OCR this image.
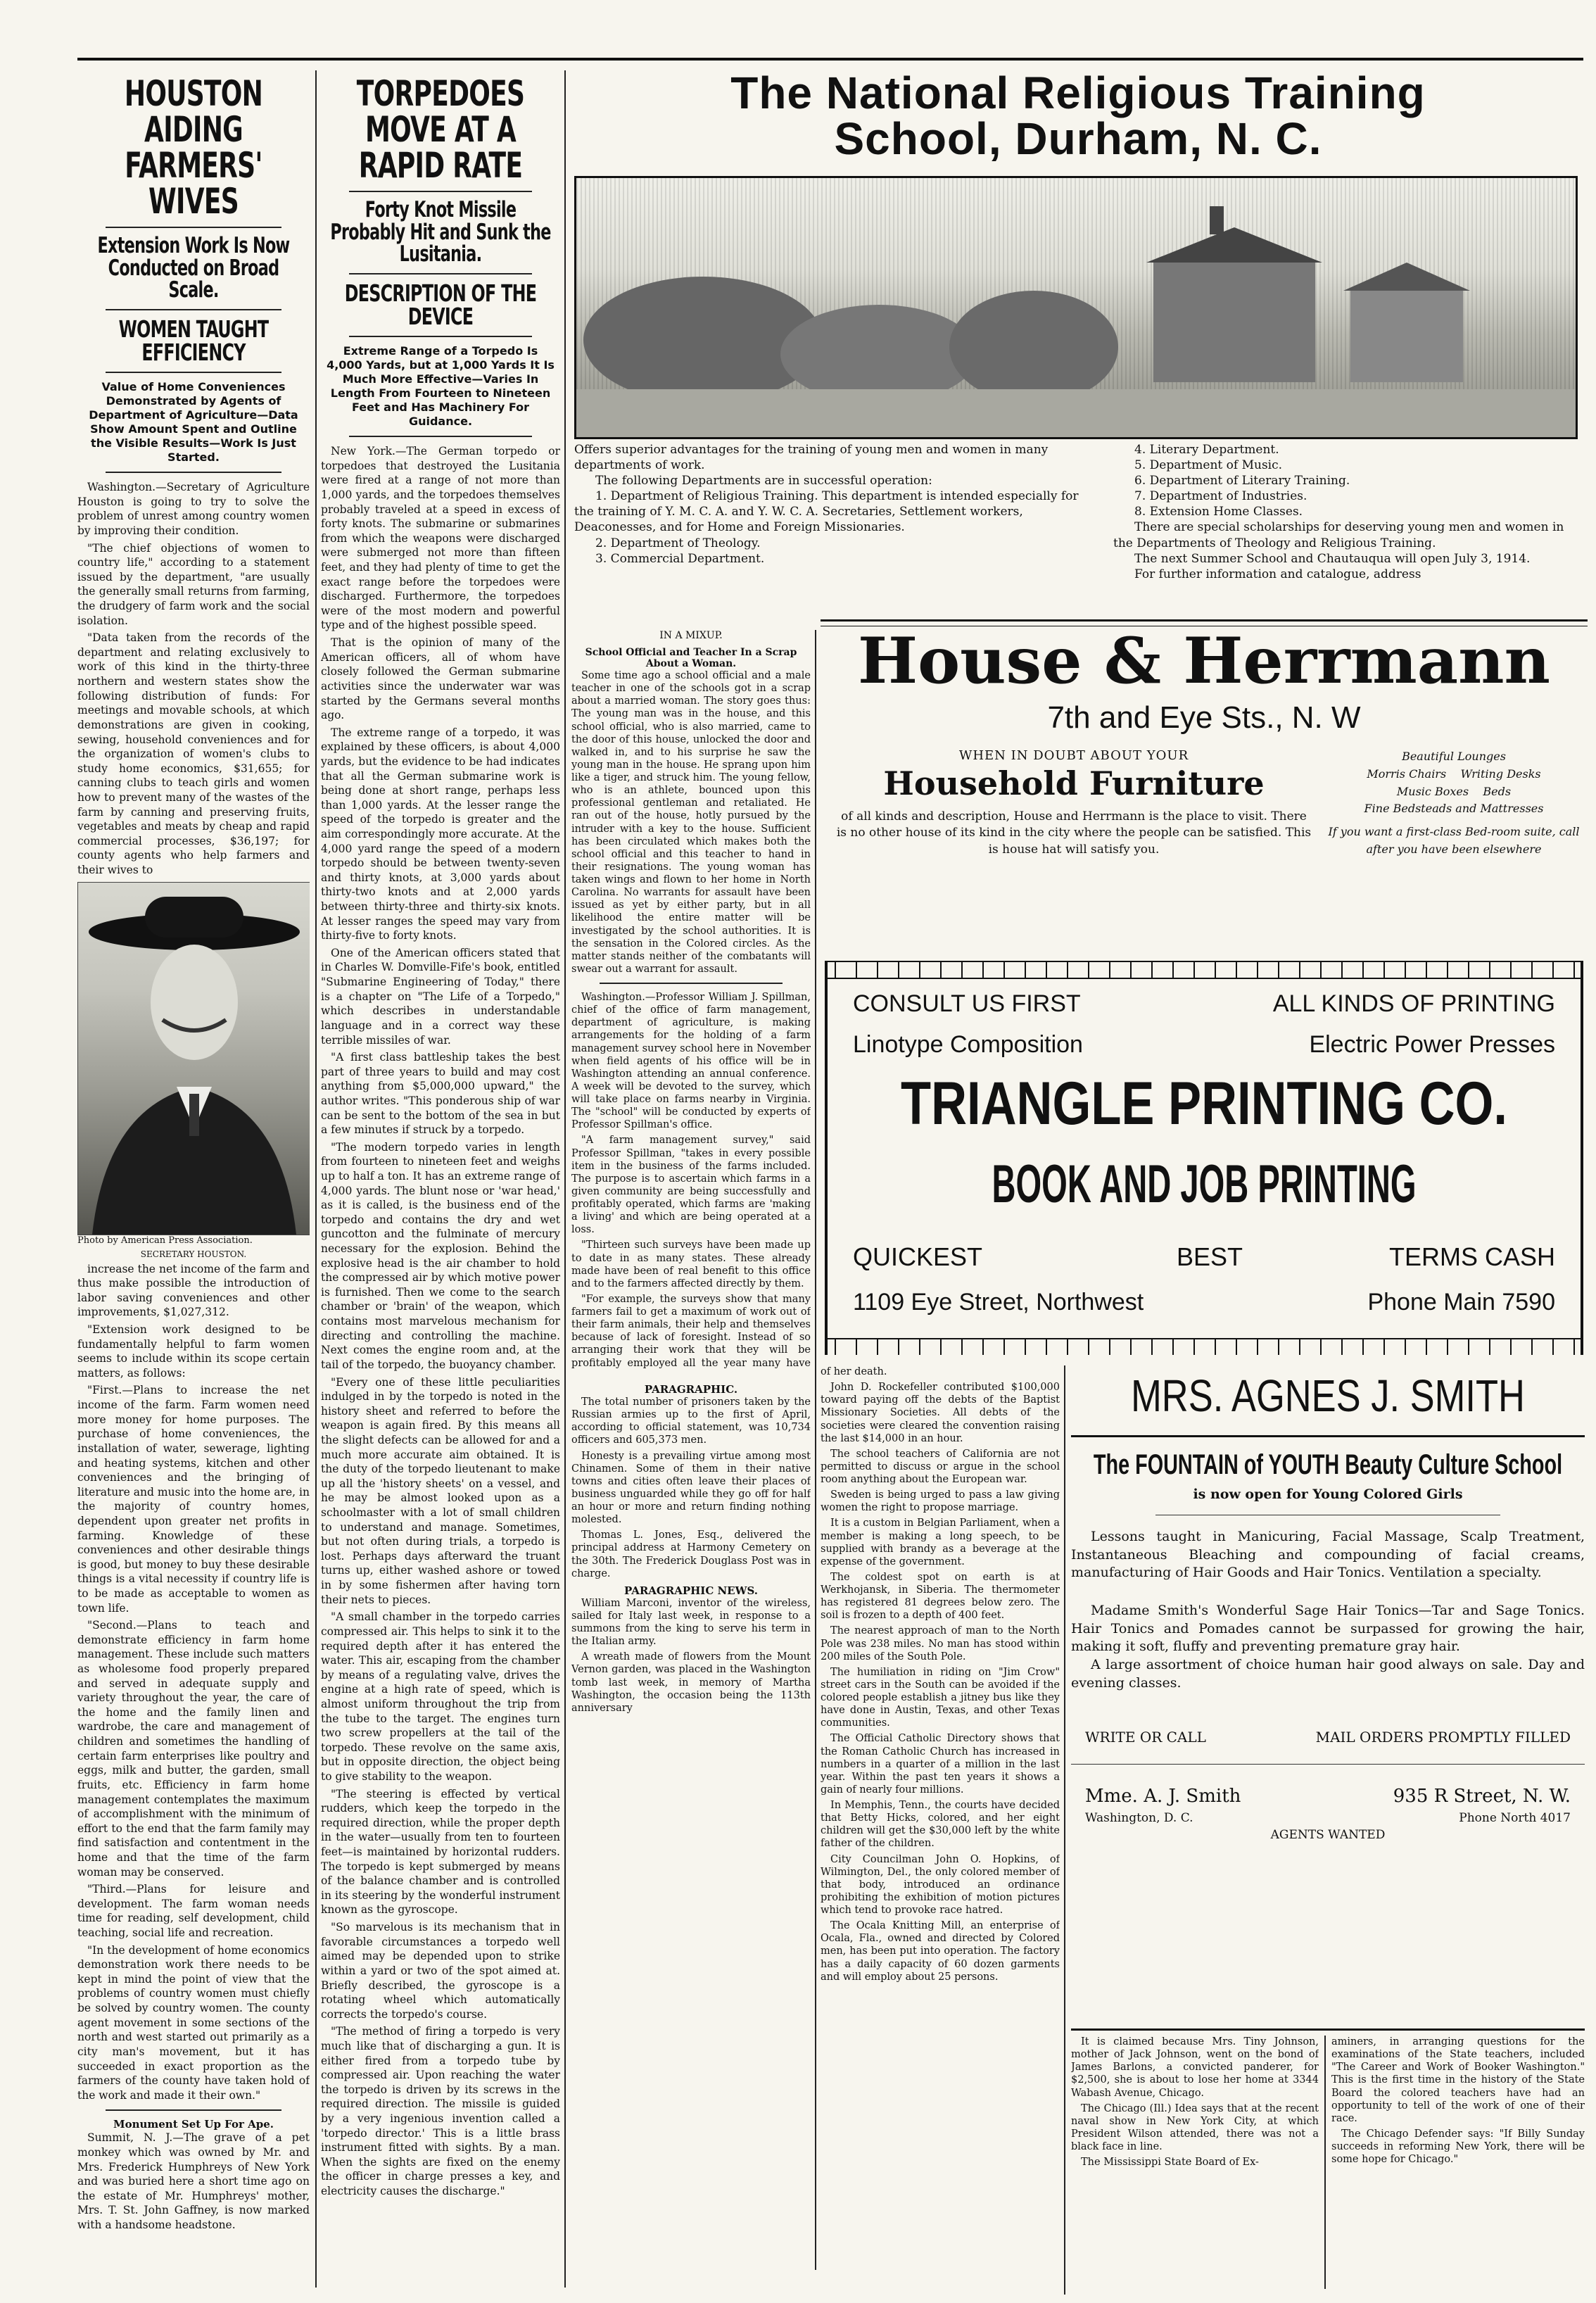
HOUSTON AIDING FARMERS' WIVES
Extension Work Is Now Conducted on Broad Scale.
WOMEN TAUGHT EFFICIENCY
Value of Home Conveniences Demonstrated by Agents of Department of Agriculture—Data Show Amount Spent and Outline the Visible Results—Work Is Just Started.

Washington.—Secretary of Agriculture Houston is going to try to solve the problem of unrest among country women by improving their condition.

"The chief objections of women to country life," according to a statement issued by the department, "are usually the generally small returns from farming, the drudgery of farm work and the social isolation.

"Data taken from the records of the department and relating exclusively to work of this kind in the thirty-three northern and western states show the following distribution of funds: For meetings and movable schools, at which demonstrations are given in cooking, sewing, household conveniences and for the organization of women's clubs to study home economics, $31,655; for canning clubs to teach girls and women how to prevent many of the wastes of the farm by canning and preserving fruits, vegetables and meats by cheap and rapid commercial processes, $36,197; for county agents who help farmers and their wives to

Photo by American Press Association.
SECRETARY HOUSTON.

increase the net income of the farm and thus make possible the introduction of labor saving conveniences and other improvements, $1,027,312.

"Extension work designed to be fundamentally helpful to farm women seems to include within its scope certain matters, as follows:

"First.—Plans to increase the net income of the farm. Farm women need more money for home purposes. The purchase of home conveniences, the installation of water, sewerage, lighting and heating systems, kitchen and other conveniences and the bringing of literature and music into the home are, in the majority of country homes, dependent upon greater net profits in farming. Knowledge of these conveniences and other desirable things is good, but money to buy these desirable things is a vital necessity if country life is to be made as acceptable to women as town life.

"Second.—Plans to teach and demonstrate efficiency in farm home management. These include such matters as wholesome food properly prepared and served in adequate supply and variety throughout the year, the care of the home and the family linen and wardrobe, the care and management of children and sometimes the handling of certain farm enterprises like poultry and eggs, milk and butter, the garden, small fruits, etc. Efficiency in farm home management contemplates the maximum of accomplishment with the minimum of effort to the end that the farm family may find satisfaction and contentment in the home and that the time of the farm woman may be conserved.

"Third.—Plans for leisure and development. The farm woman needs time for reading, self development, child teaching, social life and recreation.

"In the development of home economics demonstration work there needs to be kept in mind the point of view that the problems of country women must chiefly be solved by country women. The county agent movement in some sections of the north and west started out primarily as a city man's movement, but it has succeeded in exact proportion as the farmers of the county have taken hold of the work and made it their own."

Monument Set Up For Ape.

Summit, N. J.—The grave of a pet monkey which was owned by Mr. and Mrs. Frederick Humphreys of New York and was buried here a short time ago on the estate of Mr. Humphreys' mother, Mrs. T. St. John Gaffney, is now marked with a handsome headstone.

TORPEDOES MOVE AT A RAPID RATE
Forty Knot Missile Probably Hit and Sunk the Lusitania.
DESCRIPTION OF THE DEVICE
Extreme Range of a Torpedo Is 4,000 Yards, but at 1,000 Yards It Is Much More Effective—Varies In Length From Fourteen to Nineteen Feet and Has Machinery For Guidance.

New York.—The German torpedo or torpedoes that destroyed the Lusitania were fired at a range of not more than 1,000 yards, and the torpedoes themselves probably traveled at a speed in excess of forty knots. The submarine or submarines from which the weapons were discharged were submerged not more than fifteen feet, and they had plenty of time to get the exact range before the torpedoes were discharged. Furthermore, the torpedoes were of the most modern and powerful type and of the highest possible speed.

That is the opinion of many of the American officers, all of whom have closely followed the German submarine activities since the underwater war was started by the Germans several months ago.

The extreme range of a torpedo, it was explained by these officers, is about 4,000 yards, but the evidence to be had indicates that all the German submarine work is being done at short range, perhaps less than 1,000 yards. At the lesser range the speed of the torpedo is greater and the aim correspondingly more accurate. At the 4,000 yard range the speed of a modern torpedo should be between twenty-seven and thirty knots, at 3,000 yards about thirty-two knots and at 2,000 yards between thirty-three and thirty-six knots. At lesser ranges the speed may vary from thirty-five to forty knots.

One of the American officers stated that in Charles W. Domville-Fife's book, entitled "Submarine Engineering of Today," there is a chapter on "The Life of a Torpedo," which describes in understandable language and in a correct way these terrible missiles of war.

"A first class battleship takes the best part of three years to build and may cost anything from $5,000,000 upward," the author writes. "This ponderous ship of war can be sent to the bottom of the sea in but a few minutes if struck by a torpedo.

"The modern torpedo varies in length from fourteen to nineteen feet and weighs up to half a ton. It has an extreme range of 4,000 yards. The blunt nose or 'war head,' as it is called, is the business end of the torpedo and contains the dry and wet guncotton and the fulminate of mercury necessary for the explosion. Behind the explosive head is the air chamber to hold the compressed air by which motive power is furnished. Then we come to the search chamber or 'brain' of the weapon, which contains most marvelous mechanism for directing and controlling the machine. Next comes the engine room and, at the tail of the torpedo, the buoyancy chamber.

"Every one of these little peculiarities indulged in by the torpedo is noted in the history sheet and referred to before the weapon is again fired. By this means all the slight defects can be allowed for and a much more accurate aim obtained. It is the duty of the torpedo lieutenant to make up all the 'history sheets' on a vessel, and he may be almost looked upon as a schoolmaster with a lot of small children to understand and manage. Sometimes, but not often during trials, a torpedo is lost. Perhaps days afterward the truant turns up, either washed ashore or towed in by some fishermen after having torn their nets to pieces.

"A small chamber in the torpedo carries compressed air. This helps to sink it to the required depth after it has entered the water. This air, escaping from the chamber by means of a regulating valve, drives the engine at a high rate of speed, which is almost uniform throughout the trip from the tube to the target. The engines turn two screw propellers at the tail of the torpedo. These revolve on the same axis, but in opposite direction, the object being to give stability to the weapon.

"The steering is effected by vertical rudders, which keep the torpedo in the required direction, while the proper depth in the water—usually from ten to fourteen feet—is maintained by horizontal rudders. The torpedo is kept submerged by means of the balance chamber and is controlled in its steering by the wonderful instrument known as the gyroscope.

"So marvelous is its mechanism that in favorable circumstances a torpedo well aimed may be depended upon to strike within a yard or two of the spot aimed at. Briefly described, the gyroscope is a rotating wheel which automatically corrects the torpedo's course.

"The method of firing a torpedo is very much like that of discharging a gun. It is either fired from a torpedo tube by compressed air. Upon reaching the water the torpedo is driven by its screws in the required direction. The missile is guided by a very ingenious invention called a 'torpedo director.' This is a little brass instrument fitted with sights. By a man. When the sights are fixed on the enemy the officer in charge presses a key, and electricity causes the discharge."

The National Religious Training
School, Durham, N. C.
Offers superior advantages for the training of young men and women in many departments of work.
The following Departments are in successful operation:
1. Department of Religious Training. This department is intended especially for the training of Y. M. C. A. and Y. W. C. A. Secretaries, Settlement workers, Deaconesses, and for Home and Foreign Missionaries.
2. Department of Theology.
3. Commercial Department.
4. Literary Department.
5. Department of Music.
6. Department of Literary Training.
7. Department of Industries.
8. Extension Home Classes.
There are special scholarships for deserving young men and women in the Departments of Theology and Religious Training.
The next Summer School and Chautauqua will open July 3, 1914.
For further information and catalogue, address
IN A MIXUP.
School Official and Teacher In a Scrap About a Woman.

Some time ago a school official and a male teacher in one of the schools got in a scrap about a married woman. The story goes thus: The young man was in the house, and this school official, who is also married, came to the door of this house, unlocked the door and walked in, and to his surprise he saw the young man in the house. He sprang upon him like a tiger, and struck him. The young fellow, who is an athlete, bounced upon this professional gentleman and retaliated. He ran out of the house, hotly pursued by the intruder with a key to the house. Sufficient has been circulated which makes both the school official and this teacher to hand in their resignations. The young woman has taken wings and flown to her home in North Carolina. No warrants for assault have been issued as yet by either party, but in all likelihood the entire matter will be investigated by the school authorities. It is the sensation in the Colored circles. As the matter stands neither of the combatants will swear out a warrant for assault.

Washington.—Professor William J. Spillman, chief of the office of farm management, department of agriculture, is making arrangements for the holding of a farm management survey school here in November when field agents of his office will be in Washington attending an annual conference. A week will be devoted to the survey, which will take place on farms nearby in Virginia. The "school" will be conducted by experts of Professor Spillman's office.

"A farm management survey," said Professor Spillman, "takes in every possible item in the business of the farms included. The purpose is to ascertain which farms in a given community are being successfully and profitably operated, which farms are 'making a living' and which are being operated at a loss.

"Thirteen such surveys have been made up to date in as many states. These already made have been of real benefit to this office and to the farmers affected directly by them.

"For example, the surveys show that many farmers fail to get a maximum of work out of their farm animals, their help and themselves because of lack of foresight. Instead of so arranging their work that they will be profitably employed all the year many have

PARAGRAPHIC.

The total number of prisoners taken by the Russian armies up to the first of April, according to official statement, was 10,734 officers and 605,373 men.

Honesty is a prevailing virtue among most Chinamen. Some of them in their native towns and cities often leave their places of business unguarded while they go off for half an hour or more and return finding nothing molested.

Thomas L. Jones, Esq., delivered the principal address at Harmony Cemetery on the 30th. The Frederick Douglass Post was in charge.

PARAGRAPHIC NEWS.

William Marconi, inventor of the wireless, sailed for Italy last week, in response to a summons from the king to serve his term in the Italian army.

A wreath made of flowers from the Mount Vernon garden, was placed in the Washington tomb last week, in memory of Martha Washington, the occasion being the 113th anniversary

House & Herrmann
7th and Eye Sts., N. W
WHEN IN DOUBT ABOUT YOUR
Household Furniture
of all kinds and description, House and Herrmann is the place to visit. There is no other house of its kind in the city where the people can be satisfied. This is house hat will satisfy you.
Beautiful Lounges
Morris Chairs Writing Desks
Music Boxes Beds
Fine Bedsteads and Mattresses
If you want a first-class Bed-room suite, call after you have been elsewhere
CONSULT US FIRST	ALL KINDS OF PRINTING
Linotype Composition	Electric Power Presses
TRIANGLE PRINTING CO.
BOOK AND JOB PRINTING
QUICKEST	BEST	TERMS CASH
1109 Eye Street, Northwest	Phone Main 7590

of her death.

John D. Rockefeller contributed $100,000 toward paying off the debts of the Baptist Missionary Societies. All debts of the societies were cleared the convention raising the last $14,000 in an hour.

The school teachers of California are not permitted to discuss or argue in the school room anything about the European war.

Sweden is being urged to pass a law giving women the right to propose marriage.

It is a custom in Belgian Parliament, when a member is making a long speech, to be supplied with brandy as a beverage at the expense of the government.

The coldest spot on earth is at Werkhojansk, in Siberia. The thermometer has registered 81 degrees below zero. The soil is frozen to a depth of 400 feet.

The nearest approach of man to the North Pole was 238 miles. No man has stood within 200 miles of the South Pole.

The humiliation in riding on "Jim Crow" street cars in the South can be avoided if the colored people establish a jitney bus like they have done in Austin, Texas, and other Texas communities.

The Official Catholic Directory shows that the Roman Catholic Church has increased in numbers in a quarter of a million in the last year. Within the past ten years it shows a gain of nearly four millions.

In Memphis, Tenn., the courts have decided that Betty Hicks, colored, and her eight children will get the $30,000 left by the white father of the children.

City Councilman John O. Hopkins, of Wilmington, Del., the only colored member of that body, introduced an ordinance prohibiting the exhibition of motion pictures which tend to provoke race hatred.

The Ocala Knitting Mill, an enterprise of Ocala, Fla., owned and directed by Colored men, has been put into operation. The factory has a daily capacity of 60 dozen garments and will employ about 25 persons.

MRS. AGNES J. SMITH
The FOUNTAIN of YOUTH Beauty Culture School
is now open for Young Colored Girls
Lessons taught in Manicuring, Facial Massage, Scalp Treatment, Instantaneous Bleaching and compounding of facial creams, manufacturing of Hair Goods and Hair Tonics. Ventilation a specialty.
Madame Smith's Wonderful Sage Hair Tonics—Tar and Sage Tonics. Hair Tonics and Pomades cannot be surpassed for growing the hair, making it soft, fluffy and preventing premature gray hair.
A large assortment of choice human hair good always on sale. Day and evening classes.
WRITE OR CALL	MAIL ORDERS PROMPTLY FILLED
Mme. A. J. Smith	935 R Street, N. W.
Washington, D. C.	Phone North 4017
AGENTS WANTED

It is claimed because Mrs. Tiny Johnson, mother of Jack Johnson, went on the bond of James Barlons, a convicted panderer, for $2,500, she is about to lose her home at 3344 Wabash Avenue, Chicago.

The Chicago (Ill.) Idea says that at the recent naval show in New York City, at which President Wilson attended, there was not a black face in line.

The Mississippi State Board of Ex-

aminers, in arranging questions for the examinations of the State teachers, included "The Career and Work of Booker Washington." This is the first time in the history of the State Board the colored teachers have had an opportunity to tell of the work of one of their race.

The Chicago Defender says: "If Billy Sunday succeeds in reforming New York, there will be some hope for Chicago."
